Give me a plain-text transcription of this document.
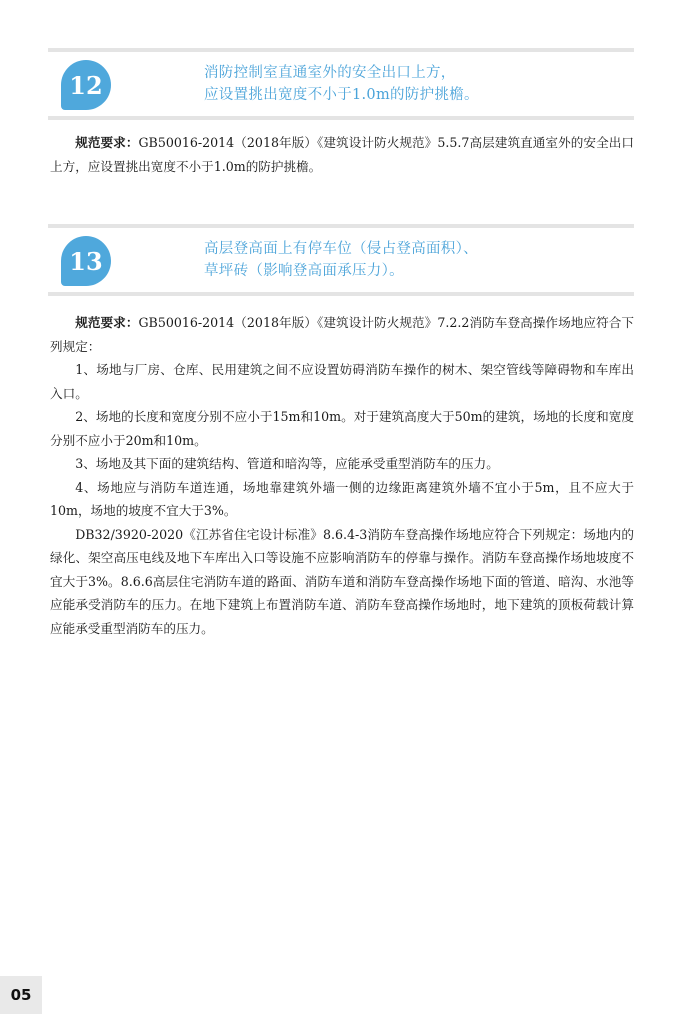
12	消防控制室直通室外的安全出口上方，
应设置挑出宽度不小于1.0m的防护挑檐。

规范要求：GB50016-2014（2018年版）《建筑设计防火规范》5.5.7高层建筑直通室外的安全出口上方，应设置挑出宽度不小于1.0m的防护挑檐。

13	高层登高面上有停车位（侵占登高面积）、
草坪砖（影响登高面承压力）。

规范要求：GB50016-2014（2018年版）《建筑设计防火规范》7.2.2消防车登高操作场地应符合下列规定：

1、场地与厂房、仓库、民用建筑之间不应设置妨碍消防车操作的树木、架空管线等障碍物和车库出入口。

2、场地的长度和宽度分别不应小于15m和10m。对于建筑高度大于50m的建筑，场地的长度和宽度分别不应小于20m和10m。

3、场地及其下面的建筑结构、管道和暗沟等，应能承受重型消防车的压力。

4、场地应与消防车道连通，场地靠建筑外墙一侧的边缘距离建筑外墙不宜小于5m，且不应大于10m，场地的坡度不宜大于3%。

DB32/3920-2020《江苏省住宅设计标准》8.6.4-3消防车登高操作场地应符合下列规定：场地内的绿化、架空高压电线及地下车库出入口等设施不应影响消防车的停靠与操作。消防车登高操作场地坡度不宜大于3%。8.6.6高层住宅消防车道的路面、消防车道和消防车登高操作场地下面的管道、暗沟、水池等应能承受消防车的压力。在地下建筑上布置消防车道、消防车登高操作场地时，地下建筑的顶板荷载计算应能承受重型消防车的压力。

05
